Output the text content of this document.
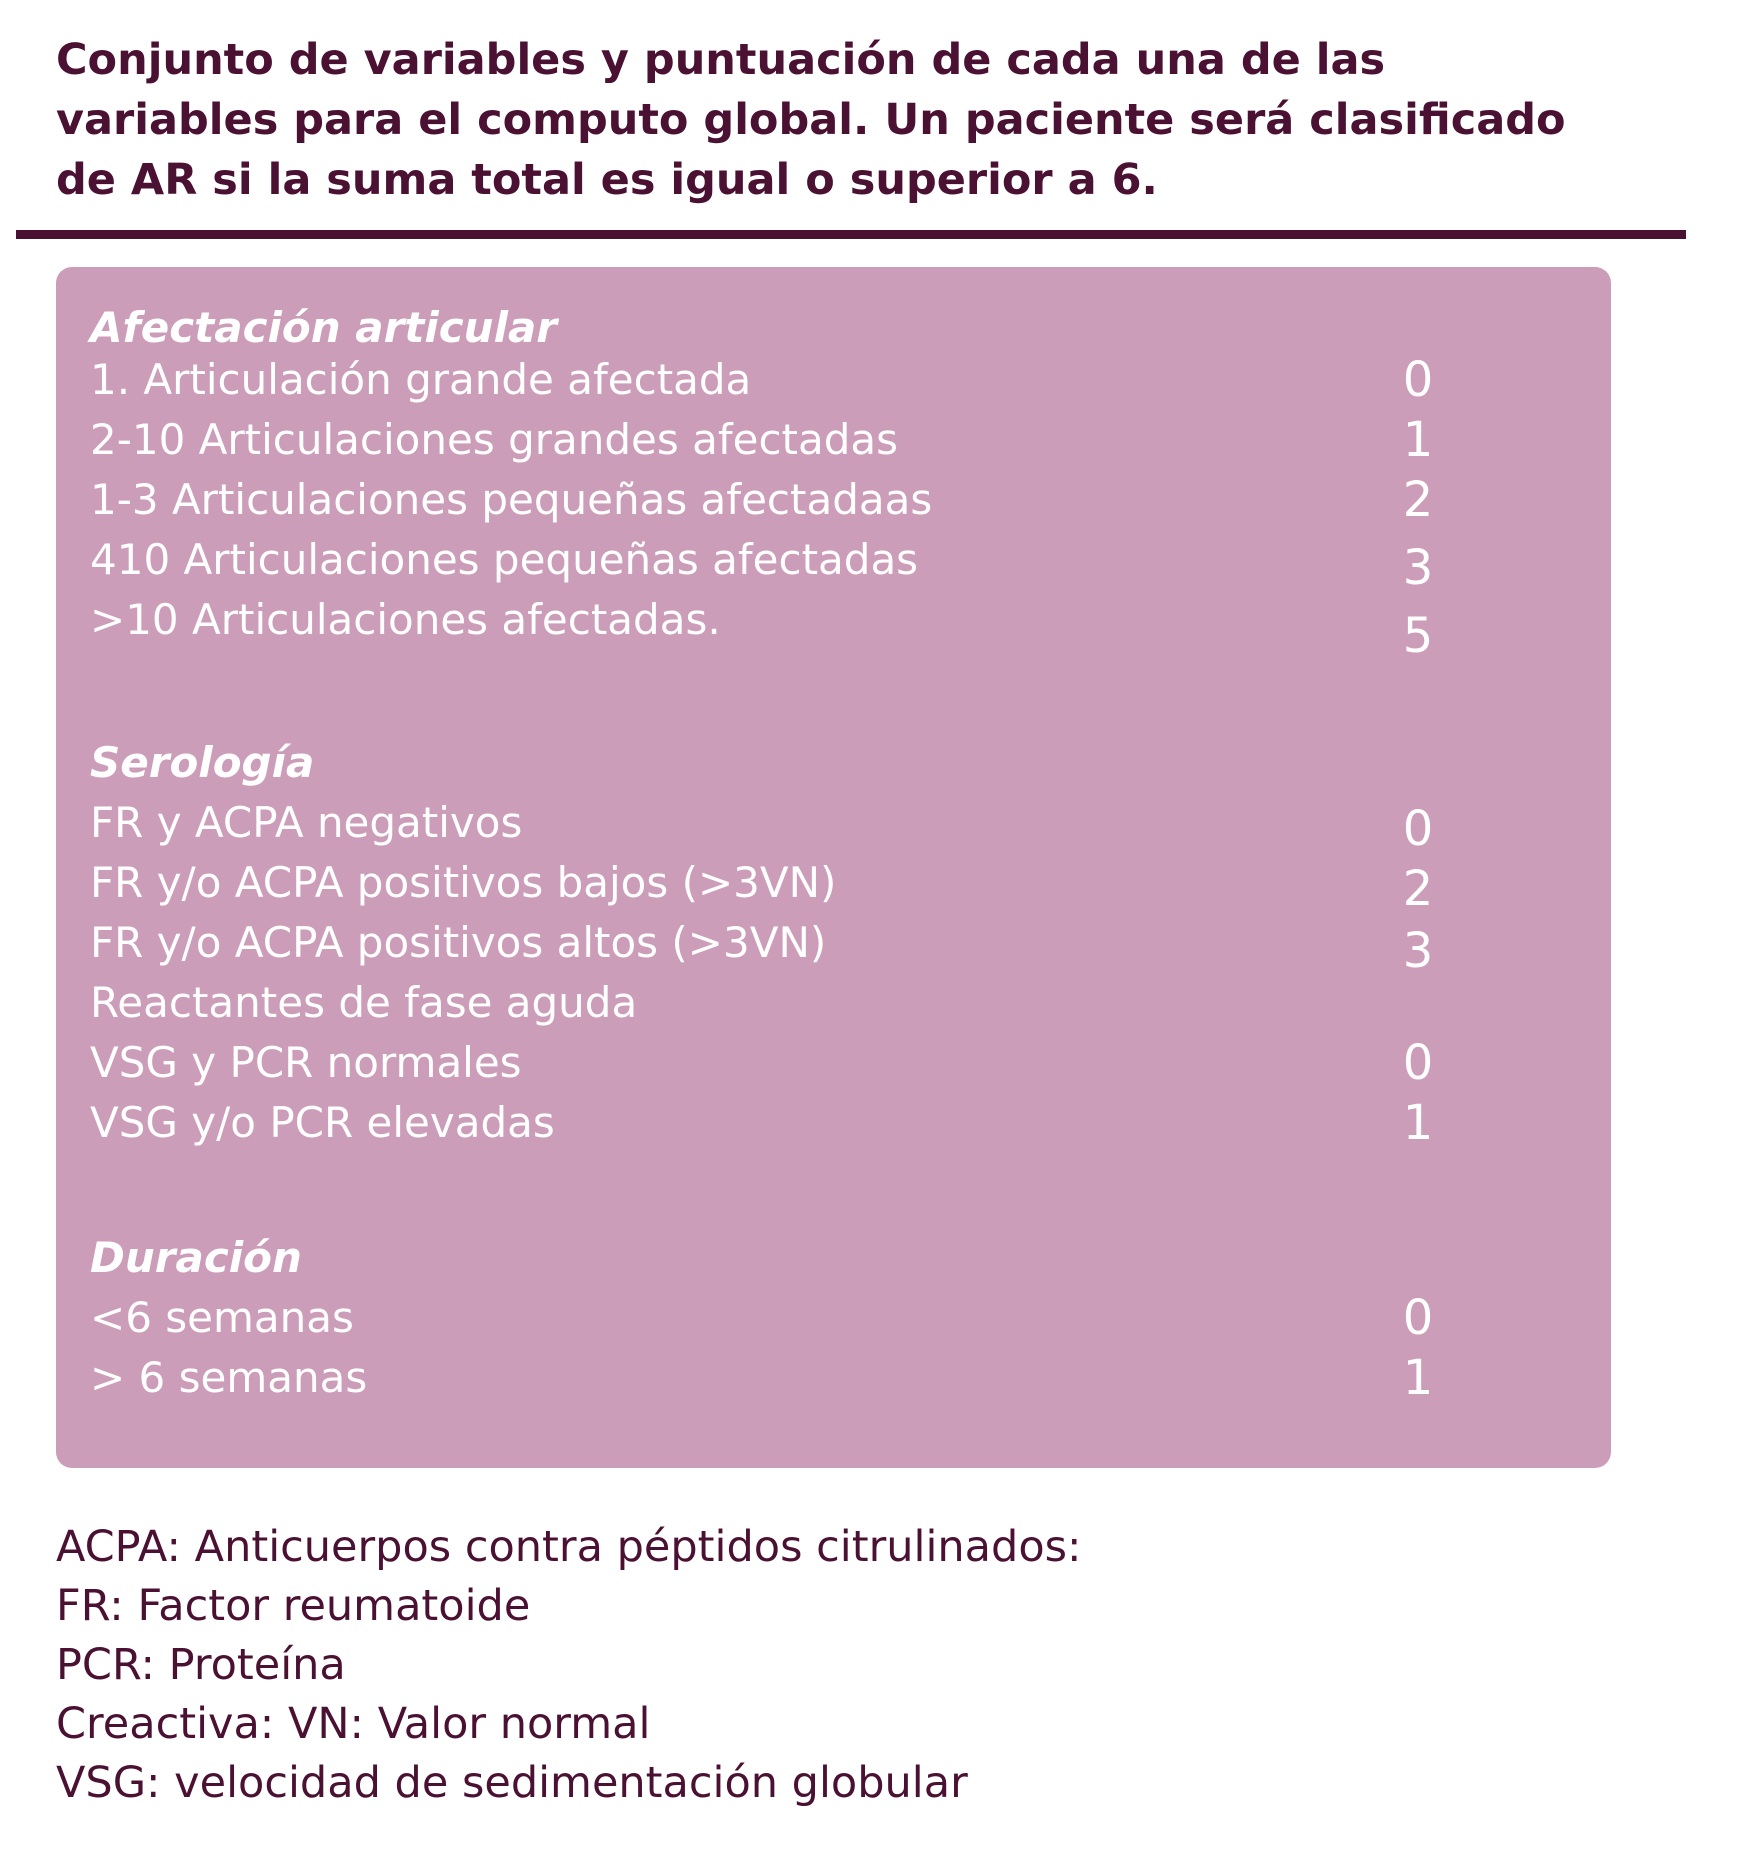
Conjunto de variables y puntuación de cada una de las variables para el computo global. Un paciente será clasificado de AR si la suma total es igual o superior a 6.
Afectación articular
1. Articulación grande afectada	0
2-10 Articulaciones grandes afectadas	1
1-3 Articulaciones pequeñas afectadaas	2
410 Articulaciones pequeñas afectadas	3
>10 Articulaciones afectadas.	5
Serología
FR y ACPA negativos	0
FR y/o ACPA positivos bajos (>3VN)	2
FR y/o ACPA positivos altos (>3VN)	3
Reactantes de fase aguda
VSG y PCR normales	0
VSG y/o PCR elevadas	1
Duración
<6 semanas	0
> 6 semanas	1
ACPA: Anticuerpos contra péptidos citrulinados:
FR: Factor reumatoide
PCR: Proteína
Creactiva: VN: Valor normal
VSG: velocidad de sedimentación globular
